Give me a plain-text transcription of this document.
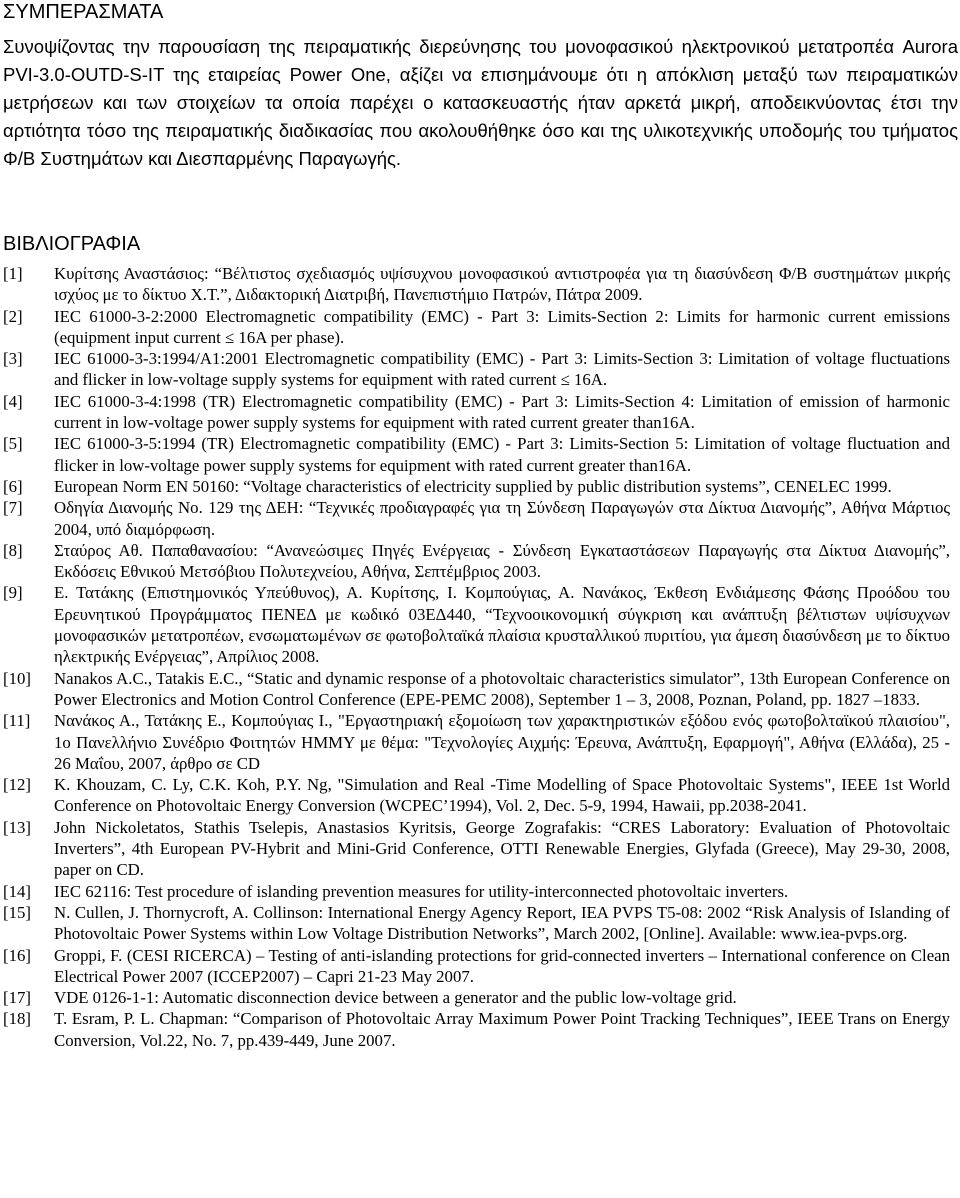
ΣΥΜΠΕΡΑΣΜΑΤΑ

Συνοψίζοντας την παρουσίαση της πειραματικής διερεύνησης του μονοφασικού ηλεκτρονικού μετατροπέα Aurora PVI-3.0-OUTD-S-IT της εταιρείας Power One, αξίζει να επισημάνουμε ότι η απόκλιση μεταξύ των πειραματικών μετρήσεων και των στοιχείων τα οποία παρέχει ο κατασκευαστής ήταν αρκετά μικρή, αποδεικνύοντας έτσι την αρτιότητα τόσο της πειραματικής διαδικασίας που ακολουθήθηκε όσο και της υλικοτεχνικής υποδομής του τμήματος Φ/Β Συστημάτων και Διεσπαρμένης Παραγωγής.

ΒΙΒΛΙΟΓΡΑΦΙΑ
[1]	Κυρίτσης Αναστάσιος: “Βέλτιστος σχεδιασμός υψίσυχνου μονοφασικού αντιστροφέα για τη διασύνδεση Φ/Β συστημάτων μικρής ισχύος με το δίκτυο Χ.Τ.”, Διδακτορική Διατριβή, Πανεπιστήμιο Πατρών, Πάτρα 2009.
[2]	IEC 61000-3-2:2000 Electromagnetic compatibility (EMC) - Part 3: Limits-Section 2: Limits for harmonic current emissions (equipment input current ≤ 16A per phase).
[3]	IEC 61000-3-3:1994/A1:2001 Electromagnetic compatibility (EMC) - Part 3: Limits-Section 3: Limitation of voltage fluctuations and flicker in low-voltage supply systems for equipment with rated current ≤ 16A.
[4]	IEC 61000-3-4:1998 (TR) Electromagnetic compatibility (EMC) - Part 3: Limits-Section 4: Limitation of emission of harmonic current in low-voltage power supply systems for equipment with rated current greater than16A.
[5]	IEC 61000-3-5:1994 (TR) Electromagnetic compatibility (EMC) - Part 3: Limits-Section 5: Limitation of voltage fluctuation and flicker in low-voltage power supply systems for equipment with rated current greater than16A.
[6]	European Norm EN 50160: “Voltage characteristics of electricity supplied by public distribution systems”, CENELEC 1999.
[7]	Οδηγία Διανομής Νο. 129 της ΔΕΗ: “Τεχνικές προδιαγραφές για τη Σύνδεση Παραγωγών στα Δίκτυα Διανομής”, Αθήνα Μάρτιος 2004, υπό διαμόρφωση.
[8]	Σταύρος Αθ. Παπαθανασίου: “Ανανεώσιμες Πηγές Ενέργειας - Σύνδεση Εγκαταστάσεων Παραγωγής στα Δίκτυα Διανομής”, Εκδόσεις Εθνικού Μετσόβιου Πολυτεχνείου, Αθήνα, Σεπτέμβριος 2003.
[9]	Ε. Τατάκης (Επιστημονικός Υπεύθυνος), Α. Κυρίτσης, Ι. Κομπούγιας, Α. Νανάκος, Έκθεση Ενδιάμεσης Φάσης Προόδου του Ερευνητικού Προγράμματος ΠΕΝΕΔ με κωδικό 03ΕΔ440, “Τεχνοοικονομική σύγκριση και ανάπτυξη βέλτιστων υψίσυχνων μονοφασικών μετατροπέων, ενσωματωμένων σε φωτοβολταϊκά πλαίσια κρυσταλλικού πυριτίου, για άμεση διασύνδεση με το δίκτυο ηλεκτρικής Ενέργειας”, Απρίλιος 2008.
[10]	Nanakos A.C., Tatakis E.C., “Static and dynamic response of a photovoltaic characteristics simulator”, 13th European Conference on Power Electronics and Motion Control Conference (EPE-PEMC 2008), September 1 – 3, 2008, Poznan, Poland, pp. 1827 –1833.
[11]	Νανάκος Α., Τατάκης Ε., Κομπούγιας Ι., "Εργαστηριακή εξομοίωση των χαρακτηριστικών εξόδου ενός φωτοβολταϊκού πλαισίου", 1ο Πανελλήνιο Συνέδριο Φοιτητών ΗΜΜΥ με θέμα: "Τεχνολογίες Αιχμής: Έρευνα, Ανάπτυξη, Εφαρμογή", Αθήνα (Ελλάδα), 25 - 26 Μαΐου, 2007, άρθρο σε CD
[12]	K. Khouzam, C. Ly, C.K. Koh, P.Y. Ng, "Simulation and Real -Time Modelling of Space Photovoltaic Systems", IEEE 1st World Conference on Photovoltaic Energy Conversion (WCPEC’1994), Vol. 2, Dec. 5-9, 1994, Hawaii, pp.2038-2041.
[13]	John Nickoletatos, Stathis Tselepis, Anastasios Kyritsis, George Zografakis: “CRES Laboratory: Evaluation of Photovoltaic Inverters”, 4th European PV-Hybrit and Mini-Grid Conference, OTTI Renewable Energies, Glyfada (Greece), May 29-30, 2008, paper on CD.
[14]	IEC 62116: Test procedure of islanding prevention measures for utility-interconnected photovoltaic inverters.
[15]	N. Cullen, J. Thornycroft, A. Collinson: International Energy Agency Report, IEA PVPS T5-08: 2002 “Risk Analysis of Islanding of Photovoltaic Power Systems within Low Voltage Distribution Networks”, March 2002, [Online]. Available: www.iea-pvps.org.
[16]	Groppi, F. (CESI RICERCA) – Testing of anti-islanding protections for grid-connected inverters – International conference on Clean Electrical Power 2007 (ICCEP2007) – Capri 21-23 May 2007.
[17]	VDE 0126-1-1: Automatic disconnection device between a generator and the public low-voltage grid.
[18]	T. Esram, P. L. Chapman: “Comparison of Photovoltaic Array Maximum Power Point Tracking Techniques”, IEEE Trans on Energy Conversion, Vol.22, No. 7, pp.439-449, June 2007.
